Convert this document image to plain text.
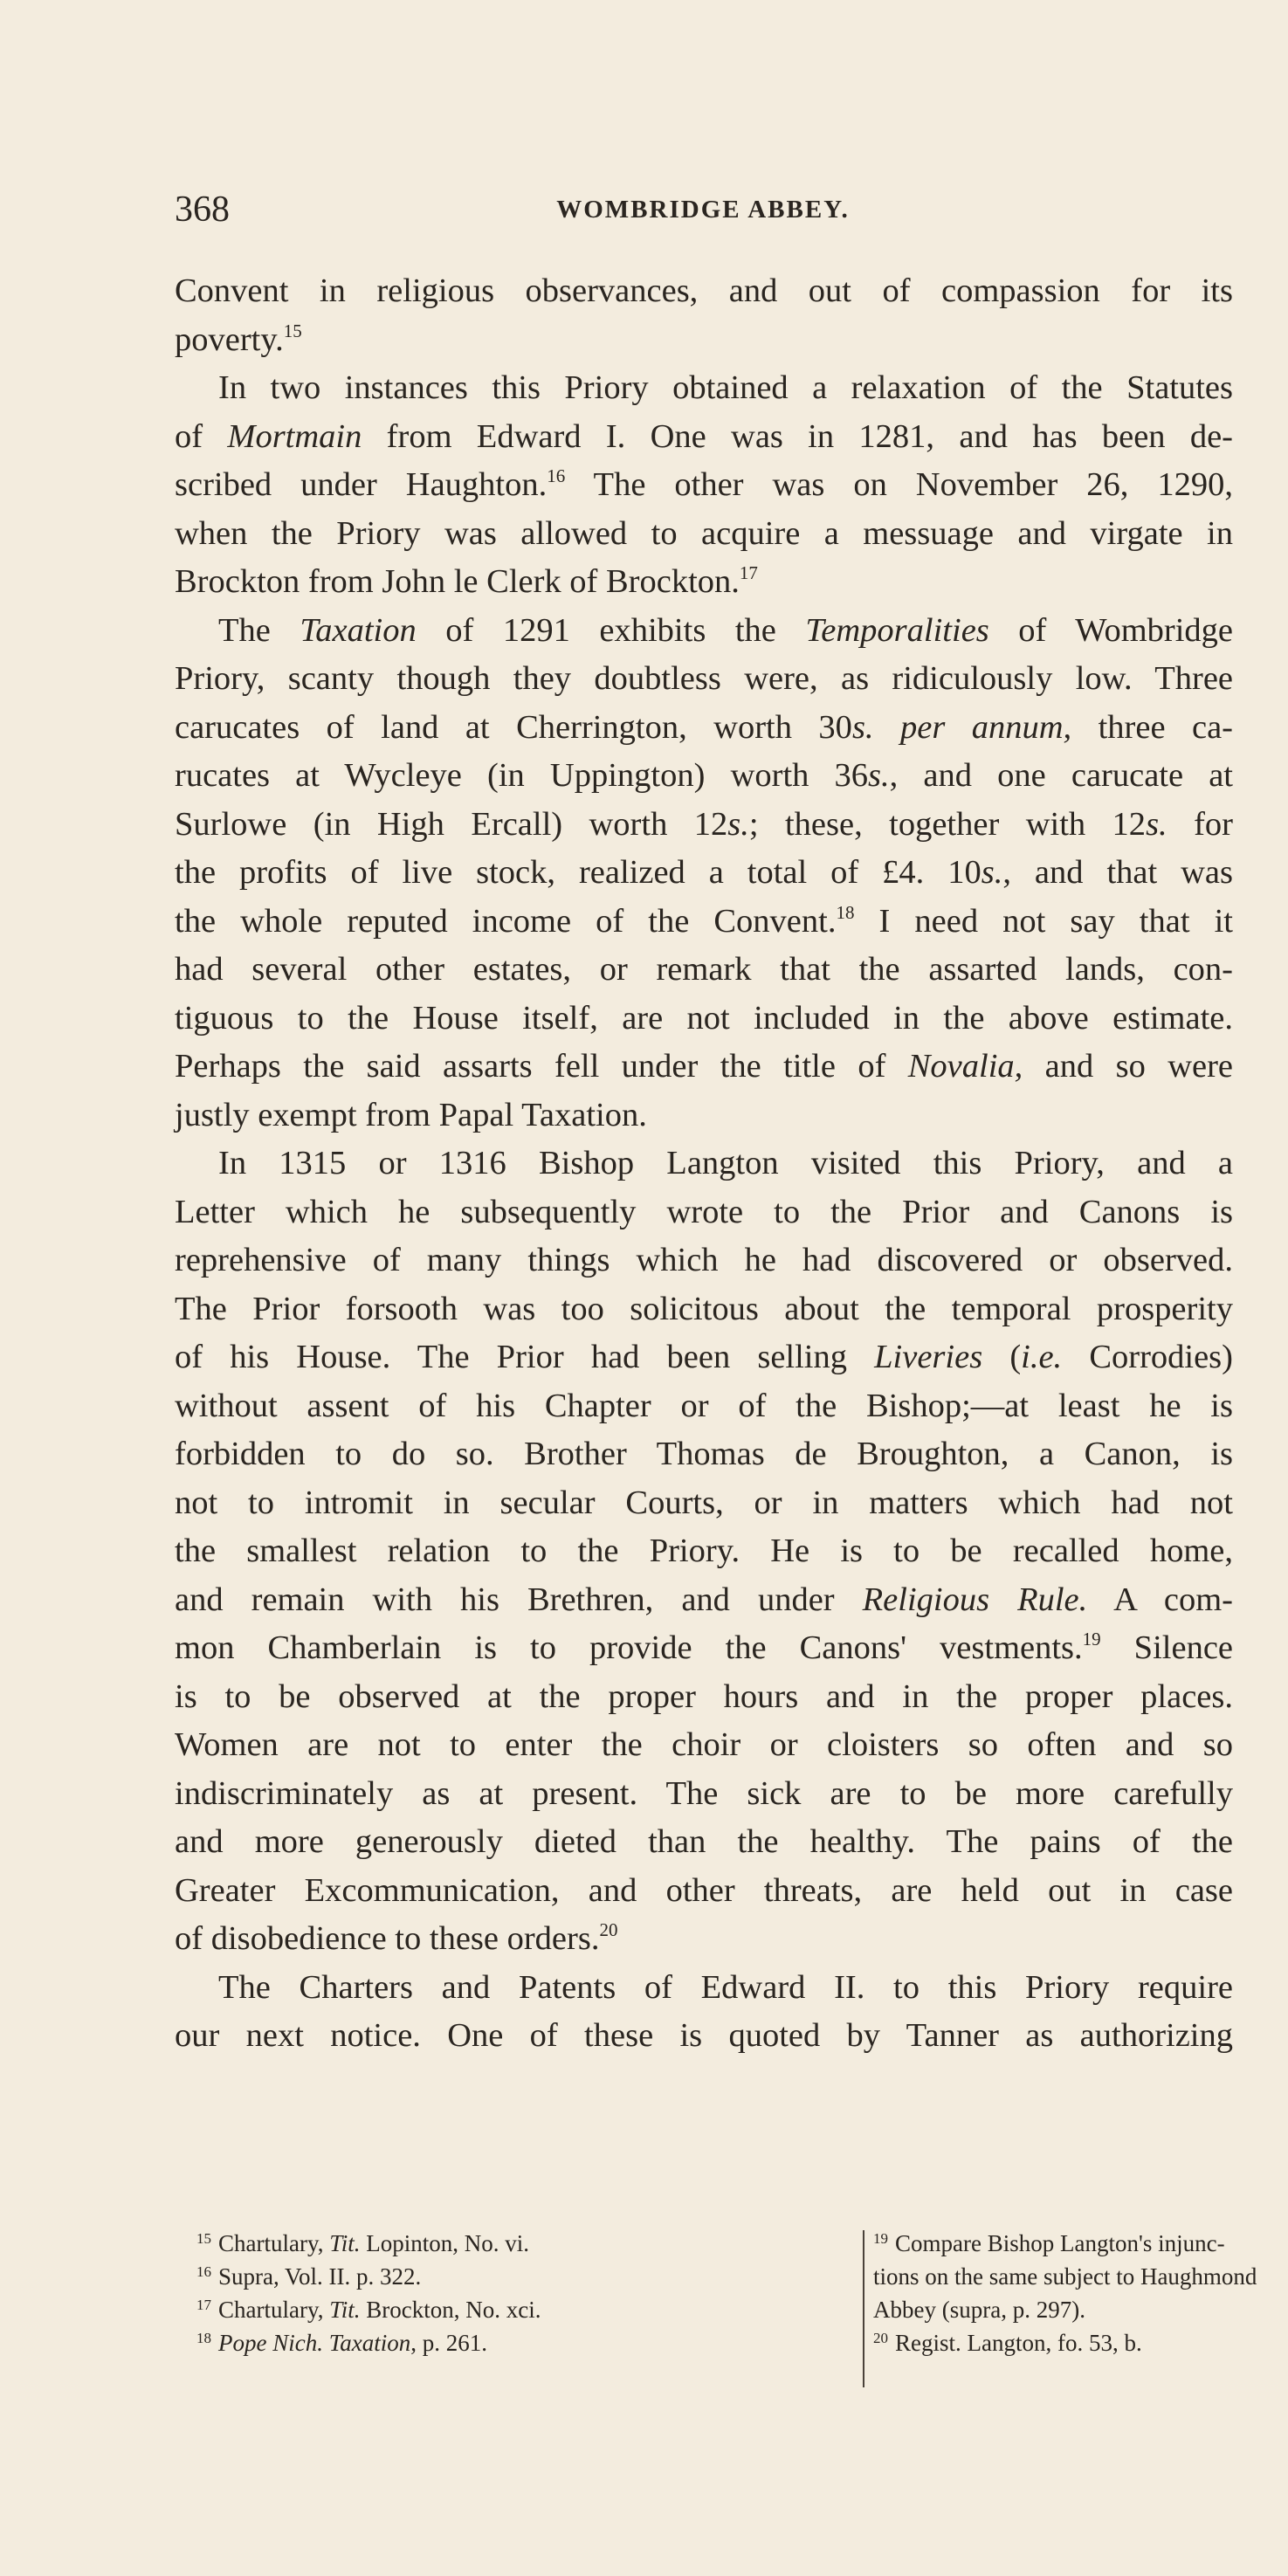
368	WOMBRIDGE ABBEY.
Convent in religious observances, and out of compassion for its
poverty.$^{15}$
In two instances this Priory obtained a relaxation of the Statutes
of Mortmain from Edward I. One was in 1281, and has been de-
scribed under Haughton.$^{16}$ The other was on November 26, 1290,
when the Priory was allowed to acquire a messuage and virgate in
Brockton from John le Clerk of Brockton.$^{17}$
The Taxation of 1291 exhibits the Temporalities of Wombridge
Priory, scanty though they doubtless were, as ridiculously low. Three
carucates of land at Cherrington, worth 30s. per annum, three ca-
rucates at Wycleye (in Uppington) worth 36s., and one carucate at
Surlowe (in High Ercall) worth 12s.; these, together with 12s. for
the profits of live stock, realized a total of £4. 10s., and that was
the whole reputed income of the Convent.$^{18}$ I need not say that it
had several other estates, or remark that the assarted lands, con-
tiguous to the House itself, are not included in the above estimate.
Perhaps the said assarts fell under the title of Novalia, and so were
justly exempt from Papal Taxation.
In 1315 or 1316 Bishop Langton visited this Priory, and a
Letter which he subsequently wrote to the Prior and Canons is
reprehensive of many things which he had discovered or observed.
The Prior forsooth was too solicitous about the temporal prosperity
of his House. The Prior had been selling Liveries (i.e. Corrodies)
without assent of his Chapter or of the Bishop;—at least he is
forbidden to do so. Brother Thomas de Broughton, a Canon, is
not to intromit in secular Courts, or in matters which had not
the smallest relation to the Priory. He is to be recalled home,
and remain with his Brethren, and under Religious Rule. A com-
mon Chamberlain is to provide the Canons' vestments.$^{19}$ Silence
is to be observed at the proper hours and in the proper places.
Women are not to enter the choir or cloisters so often and so
indiscriminately as at present. The sick are to be more carefully
and more generously dieted than the healthy. The pains of the
Greater Excommunication, and other threats, are held out in case
of disobedience to these orders.$^{20}$
The Charters and Patents of Edward II. to this Priory require
our next notice. One of these is quoted by Tanner as authorizing
$^{15}$ Chartulary, Tit. Lopinton, No. vi.
$^{16}$ Supra, Vol. II. p. 322.
$^{17}$ Chartulary, Tit. Brockton, No. xci.
$^{18}$ Pope Nich. Taxation, p. 261.
$^{19}$ Compare Bishop Langton's injunc-
tions on the same subject to Haughmond
Abbey (supra, p. 297).
$^{20}$ Regist. Langton, fo. 53, b.
